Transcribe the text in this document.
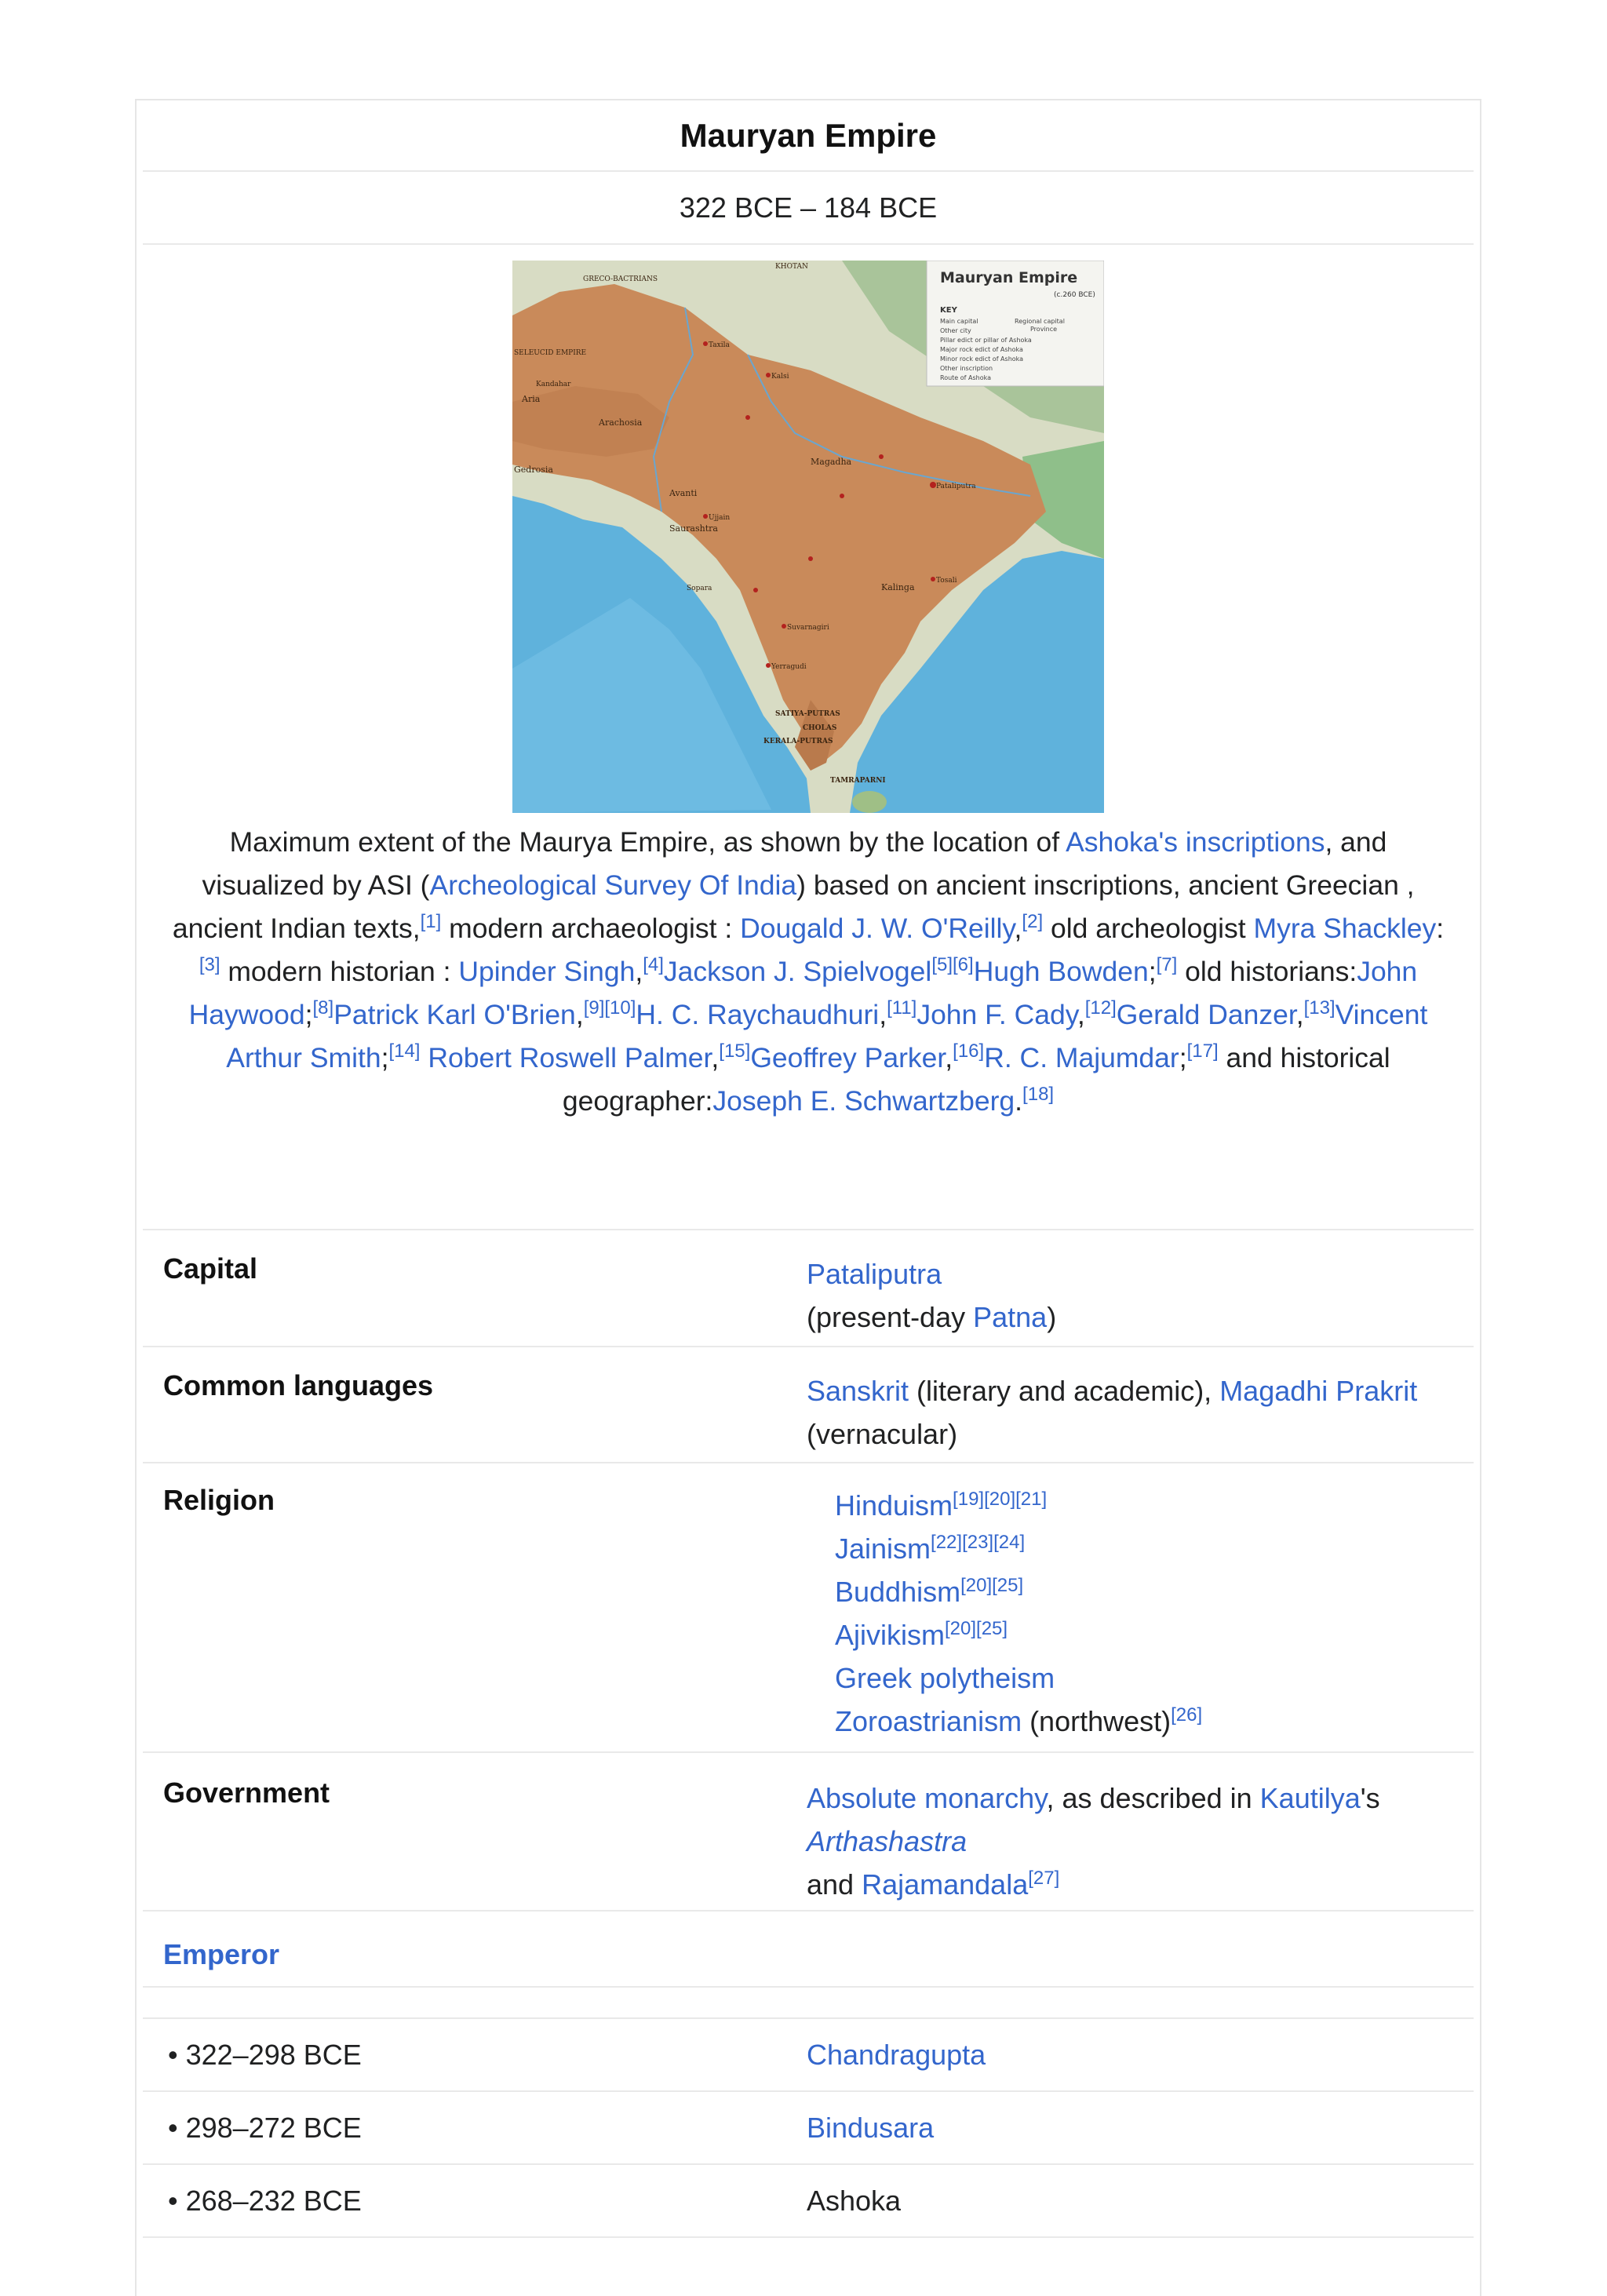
Mauryan Empire
322 BCE – 184 BCE
Mauryan Empire
(c.260 BCE)
KEY
Main capital	Regional capital
Province
Other city
Pillar edict or pillar of Ashoka
Major rock edict of Ashoka
Minor rock edict of Ashoka
Other inscription
Route of Ashoka
KHOTAN
GRECO-BACTRIANS
SELEUCID EMPIRE
Arachosia
Aria
Gedrosia
Taxila
Kalsi
Magadha
Avanti
Kalinga
Saurashtra
Pataliputra
Ujjain
Kandahar
Suvarnagiri
Tosali
CHOLAS
SATIYA-PUTRAS
KERALA-PUTRAS
TAMRAPARNI
Sopara
Yerragudi
Maximum extent of the Maurya Empire, as shown by the location of Ashoka's inscriptions, and visualized by ASI (Archeological Survey Of India) based on ancient inscriptions, ancient Greecian , ancient Indian texts,[1] modern archaeologist : Dougald J. W. O'Reilly,[2] old archeologist Myra Shackley:[3] modern historian : Upinder Singh,[4]Jackson J. Spielvogel[5][6]Hugh Bowden;[7] old historians:John Haywood;[8]Patrick Karl O'Brien,[9][10]H. C. Raychaudhuri,[11]John F. Cady,[12]Gerald Danzer,[13]Vincent Arthur Smith;[14] Robert Roswell Palmer,[15]Geoffrey Parker,[16]R. C. Majumdar;[17] and historical geographer:Joseph E. Schwartzberg.[18]
Capital	Pataliputra
(present-day Patna)
Common languages	Sanskrit (literary and academic), Magadhi Prakrit (vernacular)
Religion	Hinduism[19][20][21]
Jainism[22][23][24]
Buddhism[20][25]
Ajivikism[20][25]
Greek polytheism
Zoroastrianism (northwest)[26]
Government	Absolute monarchy, as described in Kautilya's Arthashastra
and Rajamandala[27]
Emperor
• 322–298 BCE	Chandragupta
• 298–272 BCE	Bindusara
• 268–232 BCE	Ashoka
